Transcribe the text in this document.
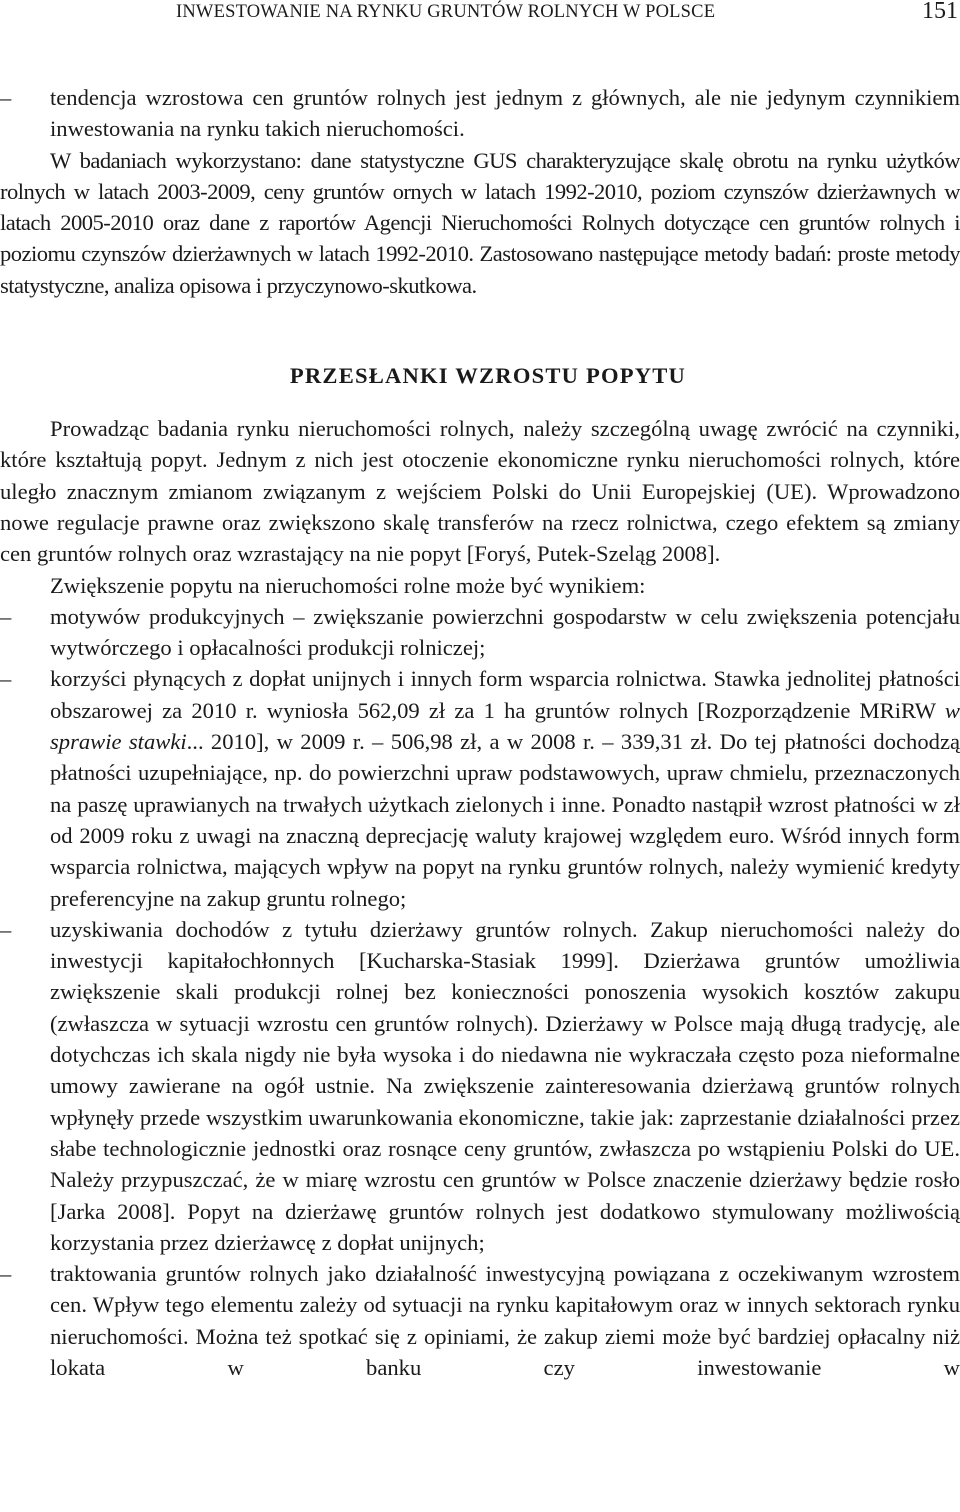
INWESTOWANIE NA RYNKU GRUNTÓW ROLNYCH W POLSCE	151

–	tendencja wzrostowa cen gruntów rolnych jest jednym z głównych, ale nie jedynym czynnikiem inwestowania na rynku takich nieruchomości.

W badaniach wykorzystano: dane statystyczne GUS charakteryzujące skalę obrotu na rynku użytków rolnych w latach 2003-2009, ceny gruntów ornych w latach 1992-2010, poziom czynszów dzierżawnych w latach 2005-2010 oraz dane z raportów Agencji Nieruchomości Rolnych dotyczące cen gruntów rolnych i poziomu czynszów dzierżawnych w latach 1992-2010. Zastosowano następujące metody badań: proste metody statystyczne, analiza opisowa i przyczynowo-skutkowa.

PRZESŁANKI WZROSTU POPYTU

Prowadząc badania rynku nieruchomości rolnych, należy szczególną uwagę zwrócić na czynniki, które kształtują popyt. Jednym z nich jest otoczenie ekonomiczne rynku nieruchomości rolnych, które uległo znacznym zmianom związanym z wejściem Polski do Unii Europejskiej (UE). Wprowadzono nowe regulacje prawne oraz zwiększono skalę transferów na rzecz rolnictwa, czego efektem są zmiany cen gruntów rolnych oraz wzrastający na nie popyt [Foryś, Putek-Szeląg 2008].

Zwiększenie popytu na nieruchomości rolne może być wynikiem:

–	motywów produkcyjnych – zwiększanie powierzchni gospodarstw w celu zwiększenia potencjału wytwórczego i opłacalności produkcji rolniczej;

–	korzyści płynących z dopłat unijnych i innych form wsparcia rolnictwa. Stawka jednolitej płatności obszarowej za 2010 r. wyniosła 562,09 zł za 1 ha gruntów rolnych [Rozporządzenie MRiRW w sprawie stawki... 2010], w 2009 r. – 506,98 zł, a w 2008 r. – 339,31 zł. Do tej płatności dochodzą płatności uzupełniające, np. do powierzchni upraw podstawowych, upraw chmielu, przeznaczonych na paszę uprawianych na trwałych użytkach zielonych i inne. Ponadto nastąpił wzrost płatności w zł od 2009 roku z uwagi na znaczną deprecjację waluty krajowej względem euro. Wśród innych form wsparcia rolnictwa, mających wpływ na popyt na rynku gruntów rolnych, należy wymienić kredyty preferencyjne na zakup gruntu rolnego;

–	uzyskiwania dochodów z tytułu dzierżawy gruntów rolnych. Zakup nieruchomości należy do inwestycji kapitałochłonnych [Kucharska-Stasiak 1999]. Dzierżawa gruntów umożliwia zwiększenie skali produkcji rolnej bez konieczności ponoszenia wysokich kosztów zakupu (zwłaszcza w sytuacji wzrostu cen gruntów rolnych). Dzierżawy w Polsce mają długą tradycję, ale dotychczas ich skala nigdy nie była wysoka i do niedawna nie wykraczała często poza nieformalne umowy zawierane na ogół ustnie. Na zwiększenie zainteresowania dzierżawą gruntów rolnych wpłynęły przede wszystkim uwarunkowania ekonomiczne, takie jak: zaprzestanie działalności przez słabe technologicznie jednostki oraz rosnące ceny gruntów, zwłaszcza po wstąpieniu Polski do UE. Należy przypuszczać, że w miarę wzrostu cen gruntów w Polsce znaczenie dzierżawy będzie rosło [Jarka 2008]. Popyt na dzierżawę gruntów rolnych jest dodatkowo stymulowany możliwością korzystania przez dzierżawcę z dopłat unijnych;

–	traktowania gruntów rolnych jako działalność inwestycyjną powiązana z oczekiwanym wzrostem cen. Wpływ tego elementu zależy od sytuacji na rynku kapitałowym oraz w innych sektorach rynku nieruchomości. Można też spotkać się z opiniami, że zakup ziemi może być bardziej opłacalny niż lokata w banku czy inwestowanie w
